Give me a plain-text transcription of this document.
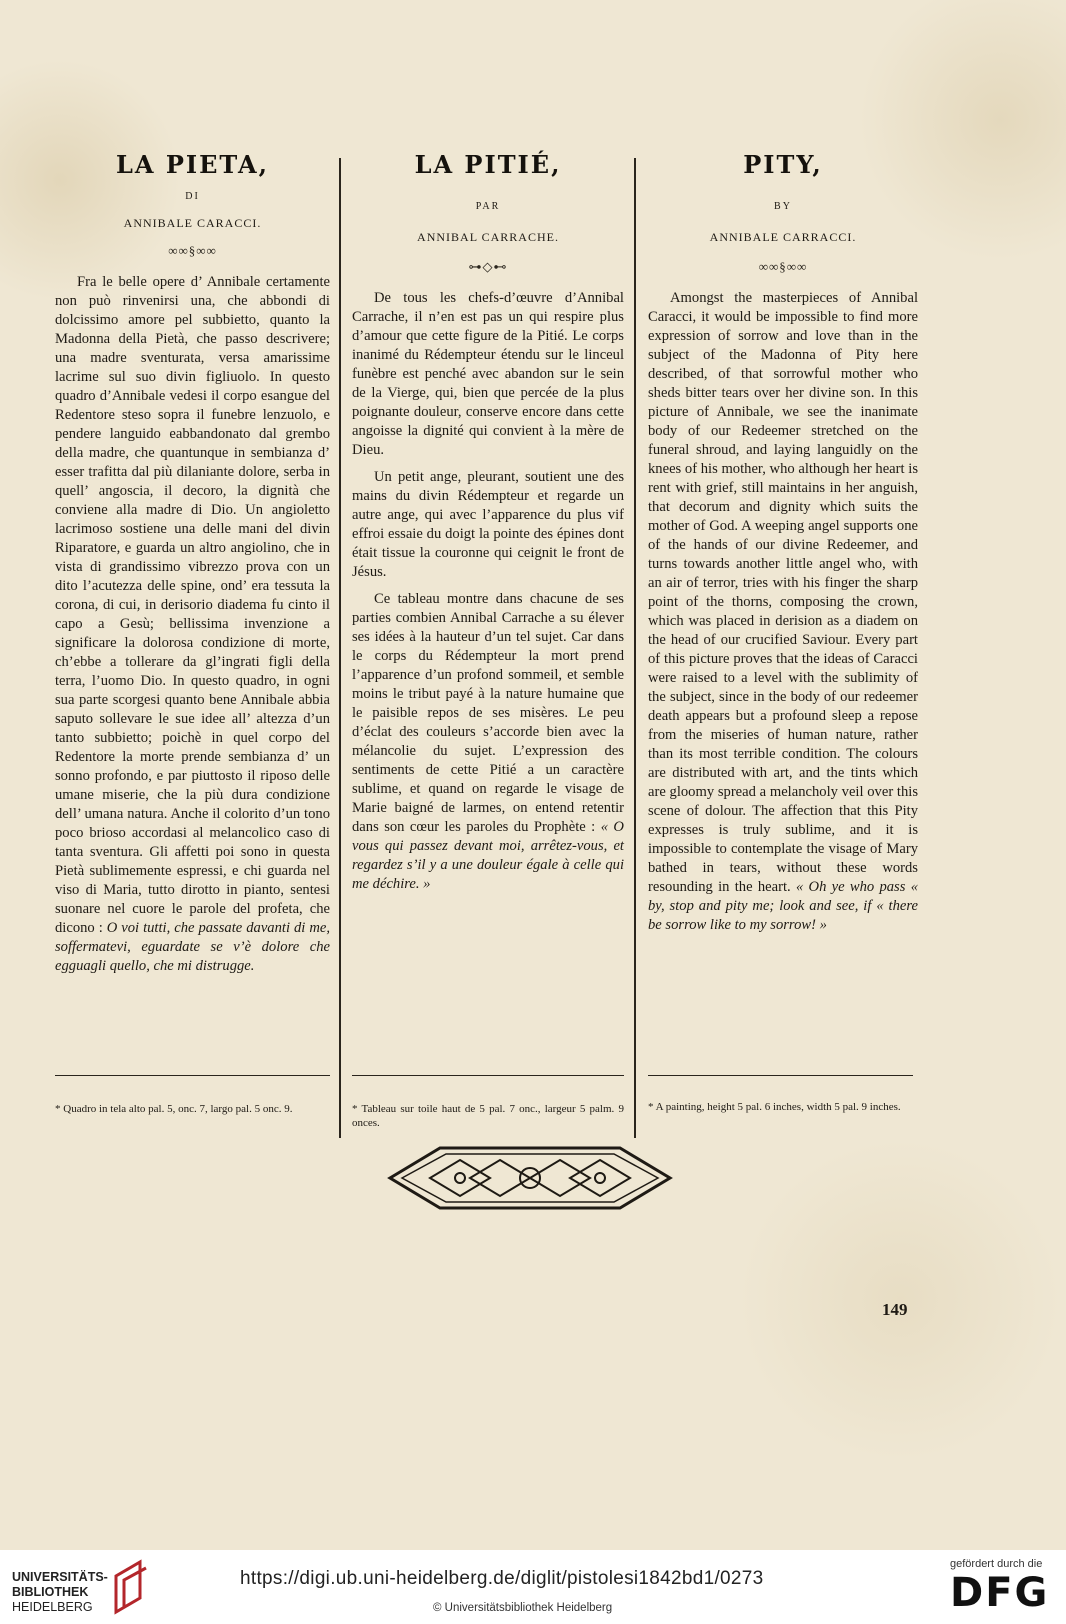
LA PIETA,

DI

ANNIBALE CARACCI.

∞∞§∞∞

Fra le belle opere d’ Annibale certamente non può rinvenirsi una, che abbondi di dolcissimo amore pel subbietto, quanto la Madonna della Pietà, che passo descrivere; una madre sventurata, versa amarissime lacrime sul suo divin figliuolo. In questo quadro d’Annibale vedesi il corpo esangue del Redentore steso sopra il funebre lenzuolo, e pendere languido eabbandonato dal grembo della madre, che quantunque in sembianza d’ esser trafitta dal più dilaniante dolore, serba in quell’ angoscia, il decoro, la dignità che conviene alla madre di Dio. Un angioletto lacrimoso sostiene una delle mani del divin Riparatore, e guarda un altro angiolino, che in vista di grandissimo vibrezzo prova con un dito l’acutezza delle spine, ond’ era tessuta la corona, di cui, in derisorio diadema fu cinto il capo a Gesù; bellissima invenzione a significare la dolorosa condizione di morte, ch’ebbe a tollerare da gl’ingrati figli della terra, l’uomo Dio. In questo quadro, in ogni sua parte scorgesi quanto bene Annibale abbia saputo sollevare le sue idee all’ altezza d’un tanto subbietto; poichè in quel corpo del Redentore la morte prende sembianza d’ un sonno profondo, e par piuttosto il riposo delle umane miserie, che la più dura condizione dell’ umana natura. Anche il colorito d’un tono poco brioso accordasi al melancolico caso di tanta sventura. Gli affetti poi sono in questa Pietà sublimemente espressi, e chi guarda nel viso di Maria, tutto dirotto in pianto, sentesi suonare nel cuore le parole del profeta, che dicono : O voi tutti, che passate davanti di me, soffermatevi, eguardate se v’è dolore che egguagli quello, che mi distrugge.

LA PITIÉ,

PAR

ANNIBAL CARRACHE.

⊶◇⊷

De tous les chefs-d’œuvre d’Annibal Carrache, il n’en est pas un qui respire plus d’amour que cette figure de la Pitié. Le corps inanimé du Rédempteur étendu sur le linceul funèbre est penché avec abandon sur le sein de la Vierge, qui, bien que percée de la plus poignante douleur, conserve encore dans cette angoisse la dignité qui convient à la mère de Dieu.

Un petit ange, pleurant, soutient une des mains du divin Rédempteur et regarde un autre ange, qui avec l’apparence du plus vif effroi essaie du doigt la pointe des épines dont était tissue la couronne qui ceignit le front de Jésus.

Ce tableau montre dans chacune de ses parties combien Annibal Carrache a su élever ses idées à la hauteur d’un tel sujet. Car dans le corps du Rédempteur la mort prend l’apparence d’un profond sommeil, et semble moins le tribut payé à la nature humaine que le paisible repos de ses misères. Le peu d’éclat des couleurs s’accorde bien avec la mélancolie du sujet. L’expression des sentiments de cette Pitié a un caractère sublime, et quand on regarde le visage de Marie baigné de larmes, on entend retentir dans son cœur les paroles du Prophète : « O vous qui passez devant moi, arrêtez-vous, et regardez s’il y a une douleur égale à celle qui me déchire. »

PITY,

BY

ANNIBALE CARRACCI.

∞∞§∞∞

Amongst the masterpieces of Annibal Caracci, it would be impossible to find more expression of sorrow and love than in the subject of the Madonna of Pity here described, of that sorrowful mother who sheds bitter tears over her divine son. In this picture of Annibale, we see the inanimate body of our Redeemer stretched on the funeral shroud, and laying languidly on the knees of his mother, who although her heart is rent with grief, still maintains in her anguish, that decorum and dignity which suits the mother of God. A weeping angel supports one of the hands of our divine Redeemer, and turns towards another little angel who, with an air of terror, tries with his finger the sharp point of the thorns, composing the crown, which was placed in derision as a diadem on the head of our crucified Saviour. Every part of this picture proves that the ideas of Caracci were raised to a level with the sublimity of the subject, since in the body of our redeemer death appears but a profound sleep a repose from the miseries of human nature, rather than its most terrible condition. The colours are distributed with art, and the tints which are gloomy spread a melancholy veil over this scene of dolour. The affection that this Pity expresses is truly sublime, and it is impossible to contemplate the visage of Mary bathed in tears, without these words resounding in the heart. « Oh ye who pass « by, stop and pity me; look and see, if « there be sorrow like to my sorrow! »

* Quadro in tela alto pal. 5, onc. 7, largo pal. 5 onc. 9.	* Tableau sur toile haut de 5 pal. 7 onc., largeur 5 palm. 9 onces.
* A painting, height 5 pal. 6 inches, width 5 pal. 9 inches.
149
UNIVERSITÄTS-
BIBLIOTHEK
HEIDELBERG
https://digi.ub.uni-heidelberg.de/diglit/pistolesi1842bd1/0273
© Universitätsbibliothek Heidelberg
gefördert durch die
DFG
